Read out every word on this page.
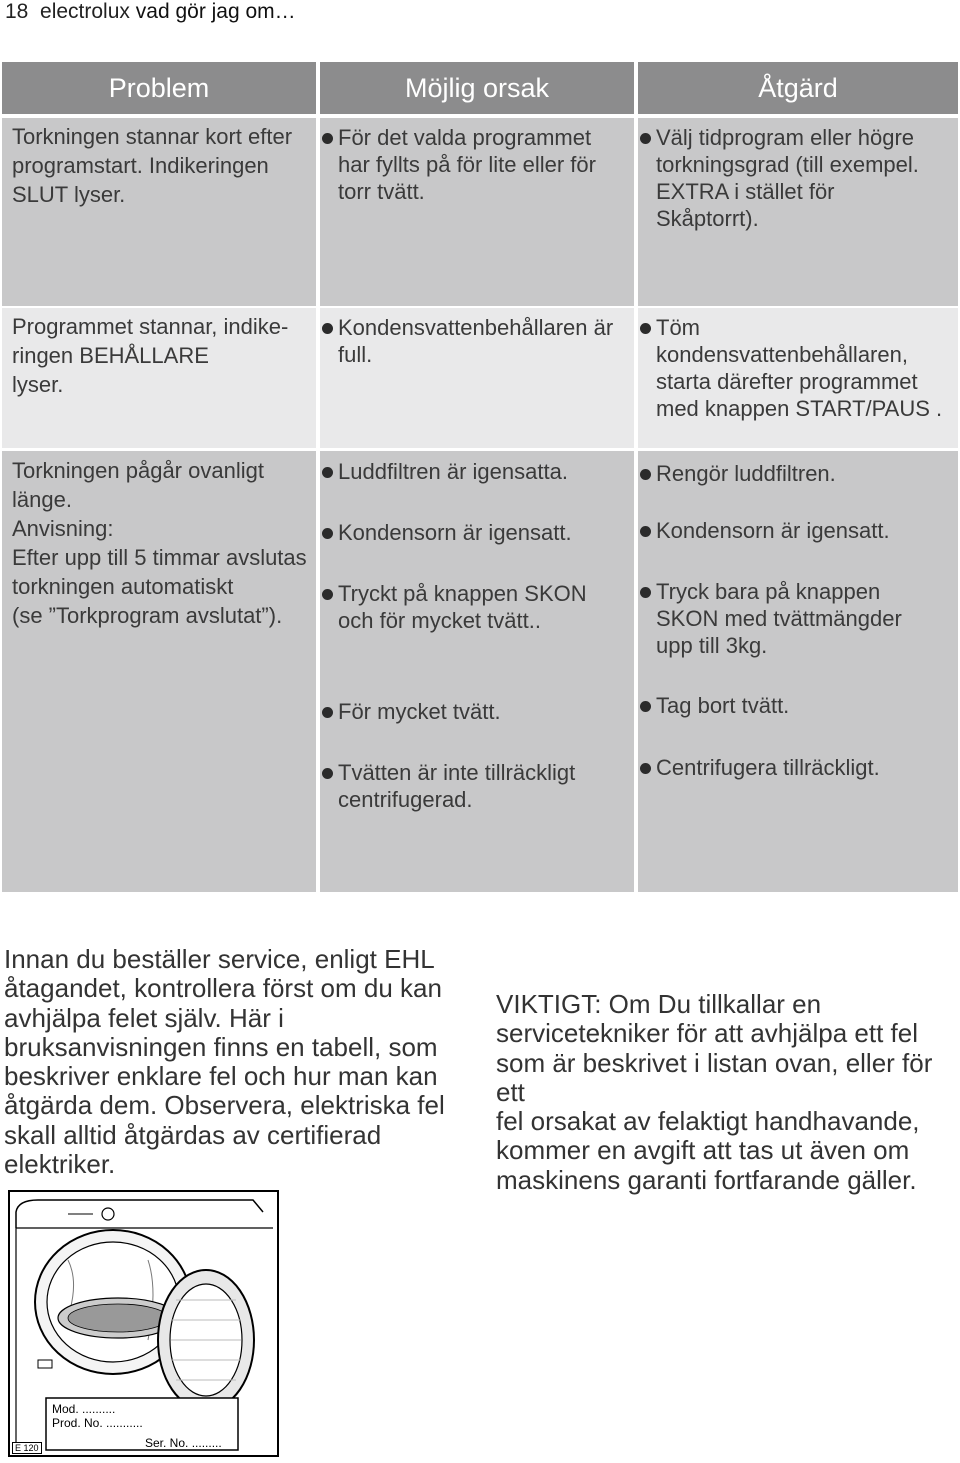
18 electrolux vad gör jag om…
Problem	Möjlig orsak	Åtgärd
Torkningen stannar kort efter
programstart. Indikeringen
SLUT lyser.
För det valda programmet
har fyllts på för lite eller för
torr tvätt.
Välj tidprogram eller högre
torkningsgrad (till exempel.
EXTRA i stället för
Skåptorrt).
Programmet stannar, indike-
ringen BEHÅLLARE
lyser.
Kondensvattenbehållaren är
full.
Töm kondensvattenbehållaren,
starta därefter programmet
med knappen START/PAUS .
Torkningen pågår ovanligt
länge.
Anvisning:
Efter upp till 5 timmar avslutas
torkningen automatiskt
(se ”Torkprogram avslutat”).
Luddfiltren är igensatta.
Kondensorn är igensatt.
Tryckt på knappen SKON
och för mycket tvätt..
För mycket tvätt.
Tvätten är inte tillräckligt
centrifugerad.
Rengör luddfiltren.
Kondensorn är igensatt.
Tryck bara på knappen
SKON med tvättmängder
upp till 3kg.
Tag bort tvätt.
Centrifugera tillräckligt.
Innan du beställer service, enligt EHL
åtagandet, kontrollera först om du kan
avhjälpa felet själv. Här i
bruksanvisningen finns en tabell, som
beskriver enklare fel och hur man kan
åtgärda dem. Observera, elektriska fel
skall alltid åtgärdas av certifierad
elektriker.
VIKTIGT: Om Du tillkallar en
servicetekniker för att avhjälpa ett fel
som är beskrivet i listan ovan, eller för ett
fel orsakat av felaktigt handhavande,
kommer en avgift att tas ut även om
maskinens garanti fortfarande gäller.
Mod. ..........
Prod. No. ...........
Ser. No. .........
E 120
